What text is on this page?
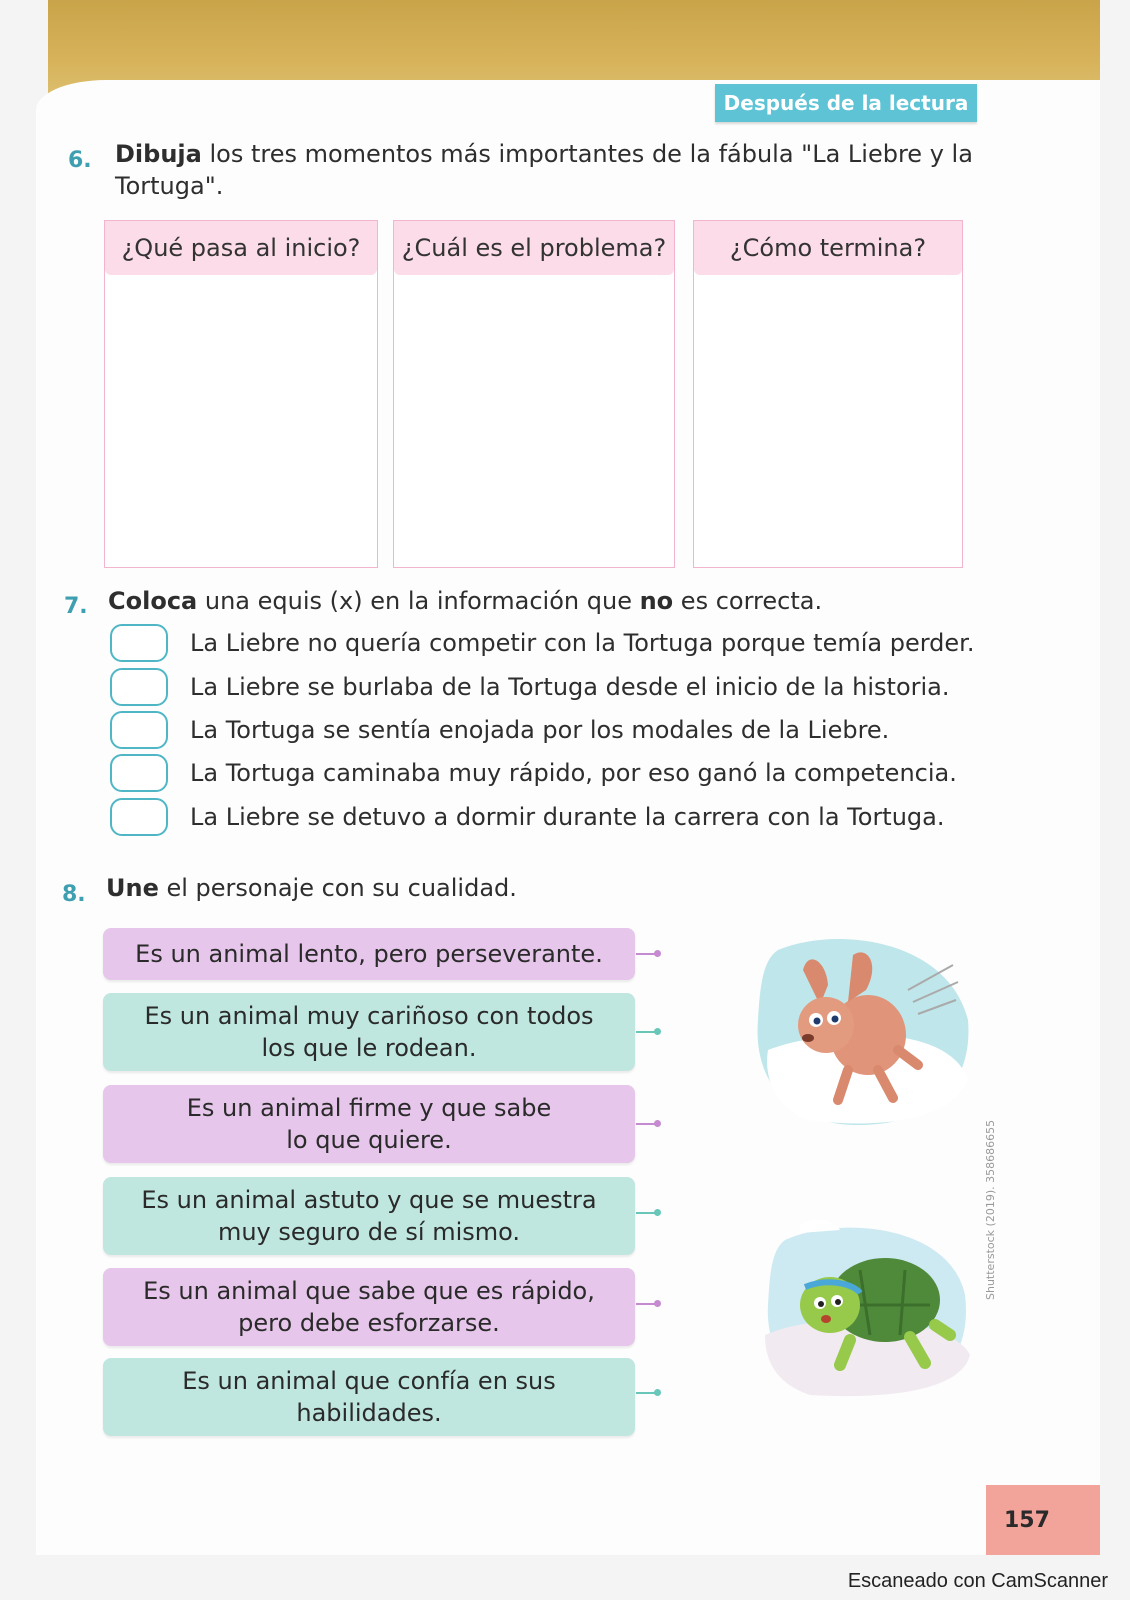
Después de la lectura
6. Dibuja los tres momentos más importantes de la fábula "La Liebre y la
Tortuga".
¿Qué pasa al inicio?	¿Cuál es el problema?	¿Cómo termina?
7. Coloca una equis (x) en la información que no es correcta.
La Liebre no quería competir con la Tortuga porque temía perder.
La Liebre se burlaba de la Tortuga desde el inicio de la historia.
La Tortuga se sentía enojada por los modales de la Liebre.
La Tortuga caminaba muy rápido, por eso ganó la competencia.
La Liebre se detuvo a dormir durante la carrera con la Tortuga.
8. Une el personaje con su cualidad.
Es un animal lento, pero perseverante.
Es un animal muy cariñoso con todos
los que le rodean.
Es un animal firme y que sabe
lo que quiere.
Es un animal astuto y que se muestra
muy seguro de sí mismo.
Es un animal que sabe que es rápido,
pero debe esforzarse.
Es un animal que confía en sus
habilidades.
Shutterstock (2019). 358686655
157
Escaneado con CamScanner
